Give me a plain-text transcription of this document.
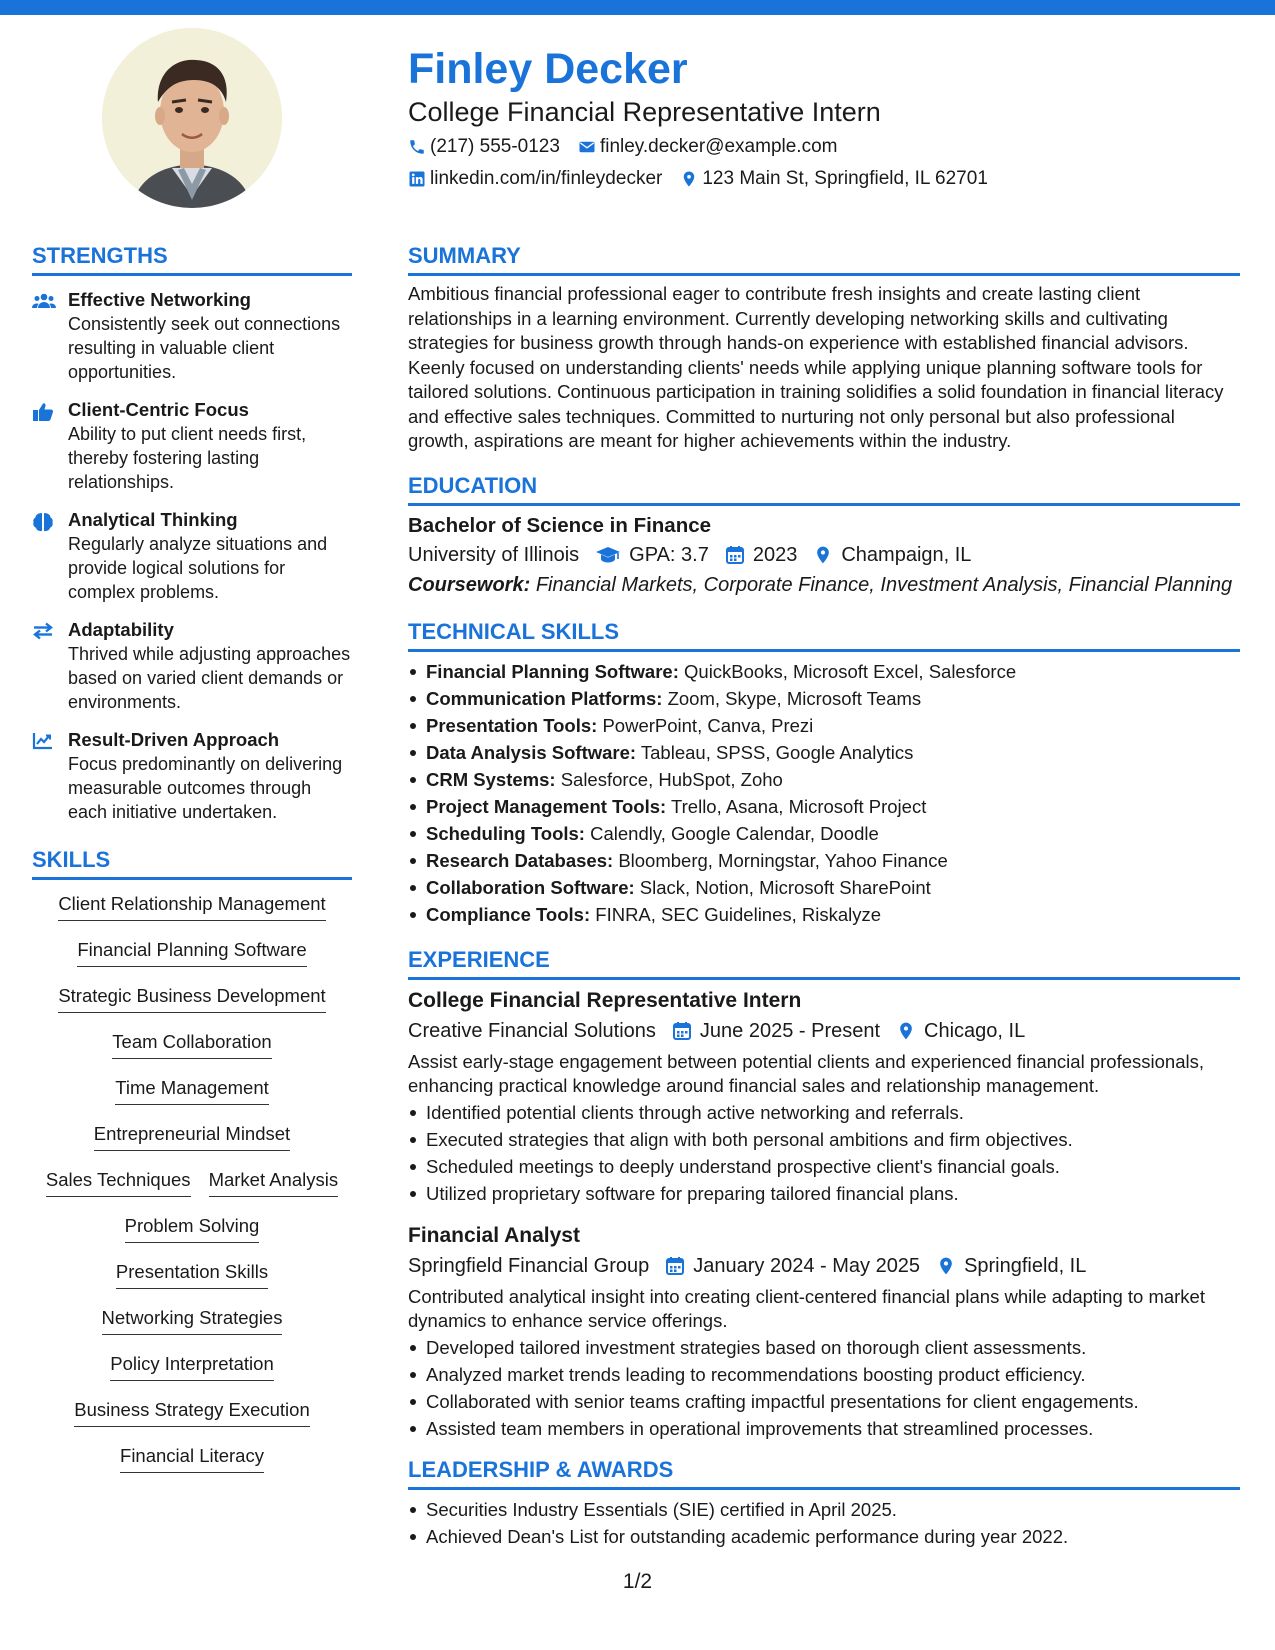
Finley Decker
College Financial Representative Intern
(217) 555-0123 finley.decker@example.com
linkedin.com/in/finleydecker 123 Main St, Springfield, IL 62701
STRENGTHS
Effective Networking
Consistently seek out connections resulting in valuable client opportunities.
Client-Centric Focus
Ability to put client needs first, thereby fostering lasting relationships.
Analytical Thinking
Regularly analyze situations and provide logical solutions for complex problems.
Adaptability
Thrived while adjusting approaches based on varied client demands or environments.
Result-Driven Approach
Focus predominantly on delivering measurable outcomes through each initiative undertaken.
SKILLS
Client Relationship Management
Financial Planning Software
Strategic Business Development
Team Collaboration
Time Management
Entrepreneurial Mindset
Sales Techniques Market Analysis
Problem Solving
Presentation Skills
Networking Strategies
Policy Interpretation
Business Strategy Execution
Financial Literacy
SUMMARY
Ambitious financial professional eager to contribute fresh insights and create lasting client relationships in a learning environment. Currently developing networking skills and cultivating strategies for business growth through hands-on experience with established financial advisors. Keenly focused on understanding clients' needs while applying unique planning software tools for tailored solutions. Continuous participation in training solidifies a solid foundation in financial literacy and effective sales techniques. Committed to nurturing not only personal but also professional growth, aspirations are meant for higher achievements within the industry.
EDUCATION
Bachelor of Science in Finance
University of Illinois	GPA: 3.7 2023 Champaign, IL
Coursework: Financial Markets, Corporate Finance, Investment Analysis, Financial Planning
TECHNICAL SKILLS
Financial Planning Software: QuickBooks, Microsoft Excel, Salesforce
Communication Platforms: Zoom, Skype, Microsoft Teams
Presentation Tools: PowerPoint, Canva, Prezi
Data Analysis Software: Tableau, SPSS, Google Analytics
CRM Systems: Salesforce, HubSpot, Zoho
Project Management Tools: Trello, Asana, Microsoft Project
Scheduling Tools: Calendly, Google Calendar, Doodle
Research Databases: Bloomberg, Morningstar, Yahoo Finance
Collaboration Software: Slack, Notion, Microsoft SharePoint
Compliance Tools: FINRA, SEC Guidelines, Riskalyze
EXPERIENCE
College Financial Representative Intern
Creative Financial Solutions June 2025 - Present Chicago, IL
Assist early-stage engagement between potential clients and experienced financial professionals, enhancing practical knowledge around financial sales and relationship management.
Identified potential clients through active networking and referrals.
Executed strategies that align with both personal ambitions and firm objectives.
Scheduled meetings to deeply understand prospective client's financial goals.
Utilized proprietary software for preparing tailored financial plans.
Financial Analyst
Springfield Financial Group January 2024 - May 2025 Springfield, IL
Contributed analytical insight into creating client-centered financial plans while adapting to market dynamics to enhance service offerings.
Developed tailored investment strategies based on thorough client assessments.
Analyzed market trends leading to recommendations boosting product efficiency.
Collaborated with senior teams crafting impactful presentations for client engagements.
Assisted team members in operational improvements that streamlined processes.
LEADERSHIP & AWARDS
Securities Industry Essentials (SIE) certified in April 2025.
Achieved Dean's List for outstanding academic performance during year 2022.
1/2
